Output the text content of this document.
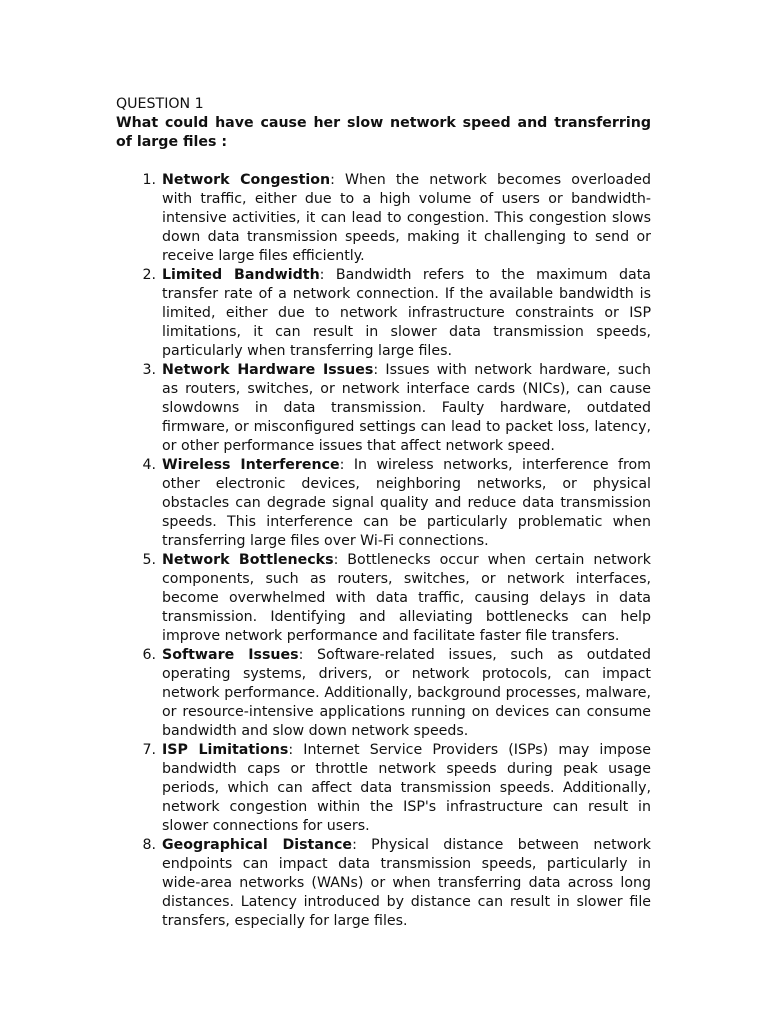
QUESTION 1

What could have cause her slow network speed and transferring of large files :

1. Network Congestion: When the network becomes overloaded with traffic, either due to a high volume of users or bandwidth-intensive activities, it can lead to congestion. This congestion slows down data transmission speeds, making it challenging to send or receive large files efficiently.
2. Limited Bandwidth: Bandwidth refers to the maximum data transfer rate of a network connection. If the available bandwidth is limited, either due to network infrastructure constraints or ISP limitations, it can result in slower data transmission speeds, particularly when transferring large files.
3. Network Hardware Issues: Issues with network hardware, such as routers, switches, or network interface cards (NICs), can cause slowdowns in data transmission. Faulty hardware, outdated firmware, or misconfigured settings can lead to packet loss, latency, or other performance issues that affect network speed.
4. Wireless Interference: In wireless networks, interference from other electronic devices, neighboring networks, or physical obstacles can degrade signal quality and reduce data transmission speeds. This interference can be particularly problematic when transferring large files over Wi-Fi connections.
5. Network Bottlenecks: Bottlenecks occur when certain network components, such as routers, switches, or network interfaces, become overwhelmed with data traffic, causing delays in data transmission. Identifying and alleviating bottlenecks can help improve network performance and facilitate faster file transfers.
6. Software Issues: Software-related issues, such as outdated operating systems, drivers, or network protocols, can impact network performance. Additionally, background processes, malware, or resource-intensive applications running on devices can consume bandwidth and slow down network speeds.
7. ISP Limitations: Internet Service Providers (ISPs) may impose bandwidth caps or throttle network speeds during peak usage periods, which can affect data transmission speeds. Additionally, network congestion within the ISP's infrastructure can result in slower connections for users.
8. Geographical Distance: Physical distance between network endpoints can impact data transmission speeds, particularly in wide-area networks (WANs) or when transferring data across long distances. Latency introduced by distance can result in slower file transfers, especially for large files.
